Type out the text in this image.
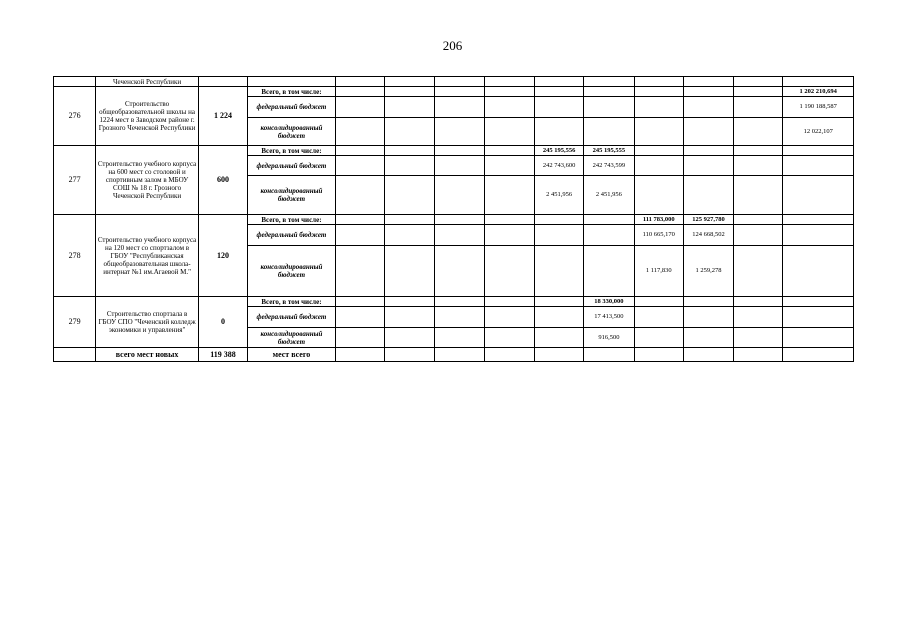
206
	Чеченской Республики												
276	Строительство общеобразовательной школы на 1224 мест в Заводском районе г. Грозного Чеченской Республики	1 224	Всего, в том числе:										1 202 210,694
			федеральный бюджет										1 190 188,587
			консолидированный бюджет										12 022,107
277	Строительство учебного корпуса на 600 мест со столовой и спортивным залом в МБОУ СОШ № 18 г. Грозного Чеченской Республики	600	Всего, в том числе:					245 195,556	245 195,555				
			федеральный бюджет					242 743,600	242 743,599				
			консолидированный бюджет					2 451,956	2 451,956				
278	Строительство учебного корпуса на 120 мест со спортзалом в ГБОУ "Республиканская общеобразовательная школа-интернат №1 им.Агаевой М."	120	Всего, в том числе:							111 783,000	125 927,780		
			федеральный бюджет							110 665,170	124 668,502		
			консолидированный бюджет							1 117,830	1 259,278		
279	Строительство спортзала в ГБОУ СПО "Чеченский колледж экономики и управления"	0	Всего, в том числе:						18 330,000				
			федеральный бюджет						17 413,500				
			консолидированный бюджет						916,500				
	всего мест новых	119 388	мест всего										
